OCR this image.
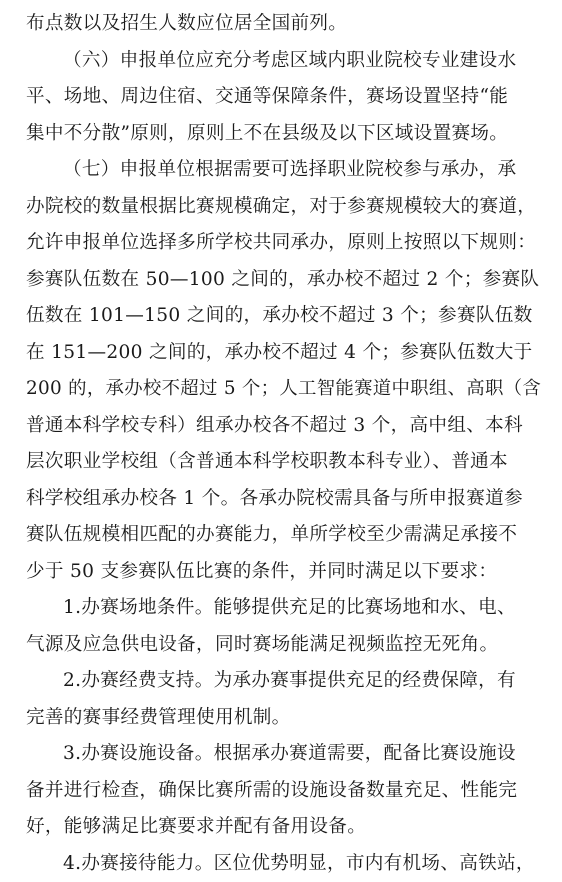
布点数以及招生人数应位居全国前列。
（六）申报单位应充分考虑区域内职业院校专业建设水
平、场地、周边住宿、交通等保障条件，赛场设置坚持“能
集中不分散”原则，原则上不在县级及以下区域设置赛场。
（七）申报单位根据需要可选择职业院校参与承办，承
办院校的数量根据比赛规模确定，对于参赛规模较大的赛道，
允许申报单位选择多所学校共同承办，原则上按照以下规则：
参赛队伍数在 50—100 之间的，承办校不超过 2 个；参赛队
伍数在 101—150 之间的，承办校不超过 3 个；参赛队伍数
在 151—200 之间的，承办校不超过 4 个；参赛队伍数大于
200 的，承办校不超过 5 个；人工智能赛道中职组、高职（含
普通本科学校专科）组承办校各不超过 3 个，高中组、本科
层次职业学校组（含普通本科学校职教本科专业）、普通本
科学校组承办校各 1 个。各承办院校需具备与所申报赛道参
赛队伍规模相匹配的办赛能力，单所学校至少需满足承接不
少于 50 支参赛队伍比赛的条件，并同时满足以下要求：
1.办赛场地条件。能够提供充足的比赛场地和水、电、
气源及应急供电设备，同时赛场能满足视频监控无死角。
2.办赛经费支持。为承办赛事提供充足的经费保障，有
完善的赛事经费管理使用机制。
3.办赛设施设备。根据承办赛道需要，配备比赛设施设
备并进行检查，确保比赛所需的设施设备数量充足、性能完
好，能够满足比赛要求并配有备用设备。
4.办赛接待能力。区位优势明显，市内有机场、高铁站，
